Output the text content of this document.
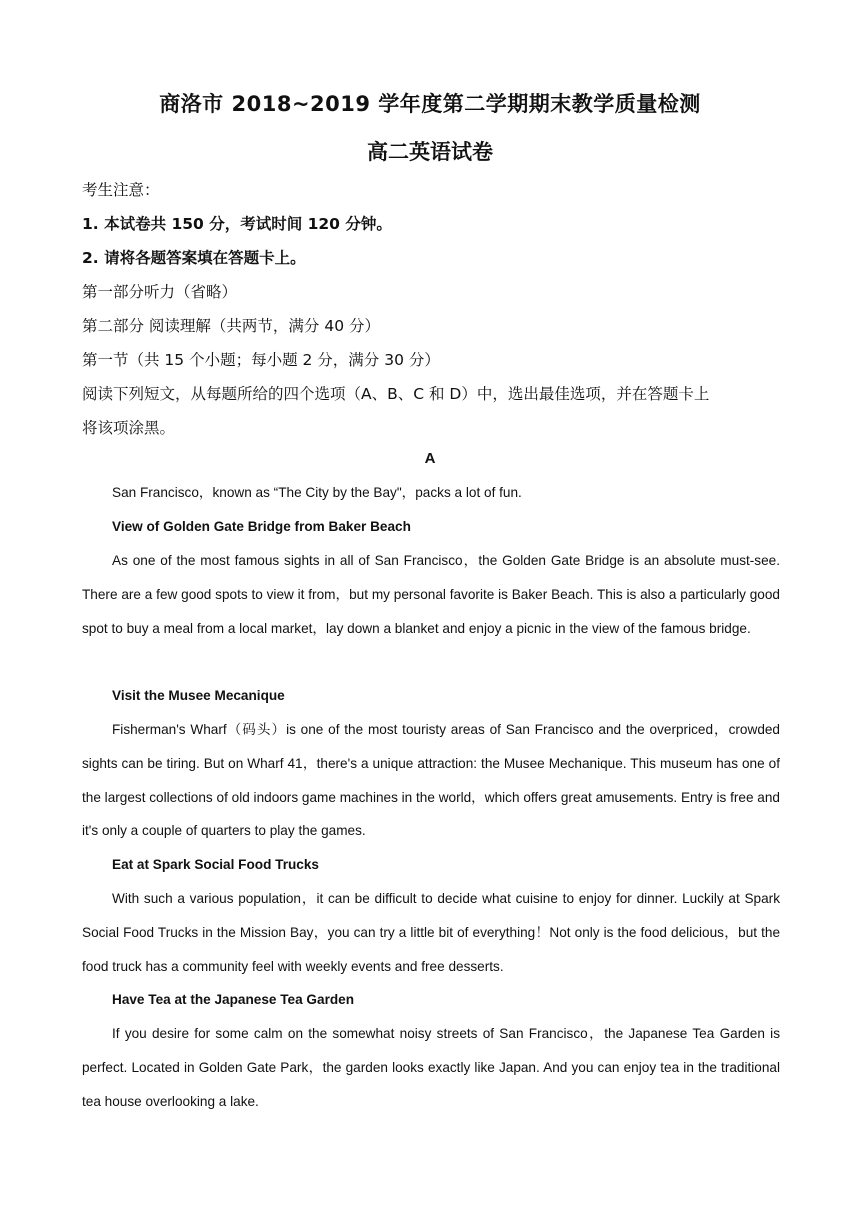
商洛市 2018~2019 学年度第二学期期末教学质量检测
高二英语试卷
考生注意：
1. 本试卷共 150 分，考试时间 120 分钟。
2. 请将各题答案填在答题卡上。
第一部分听力（省略）
第二部分 阅读理解（共两节，满分 40 分）
第一节（共 15 个小题；每小题 2 分，满分 30 分）
阅读下列短文，从每题所给的四个选项（A、B、C 和 D）中，选出最佳选项，并在答题卡上
将该项涂黑。
A

San Francisco，known as “The City by the Bay"，packs a lot of fun.

View of Golden Gate Bridge from Baker Beach

As one of the most famous sights in all of San Francisco，the Golden Gate Bridge is an absolute must-see. There are a few good spots to view it from，but my personal favorite is Baker Beach. This is also a particularly good spot to buy a meal from a local market，lay down a blanket and enjoy a picnic in the view of the famous bridge.

Visit the Musee Mecanique

Fisherman's Wharf（码头）is one of the most touristy areas of San Francisco and the overpriced，crowded sights can be tiring. But on Wharf 41，there's a unique attraction: the Musee Mechanique. This museum has one of the largest collections of old indoors game machines in the world，which offers great amusements. Entry is free and it's only a couple of quarters to play the games.

Eat at Spark Social Food Trucks

With such a various population，it can be difficult to decide what cuisine to enjoy for dinner. Luckily at Spark Social Food Trucks in the Mission Bay，you can try a little bit of everything！Not only is the food delicious，but the food truck has a community feel with weekly events and free desserts.

Have Tea at the Japanese Tea Garden

If you desire for some calm on the somewhat noisy streets of San Francisco，the Japanese Tea Garden is perfect. Located in Golden Gate Park，the garden looks exactly like Japan. And you can enjoy tea in the traditional tea house overlooking a lake.
